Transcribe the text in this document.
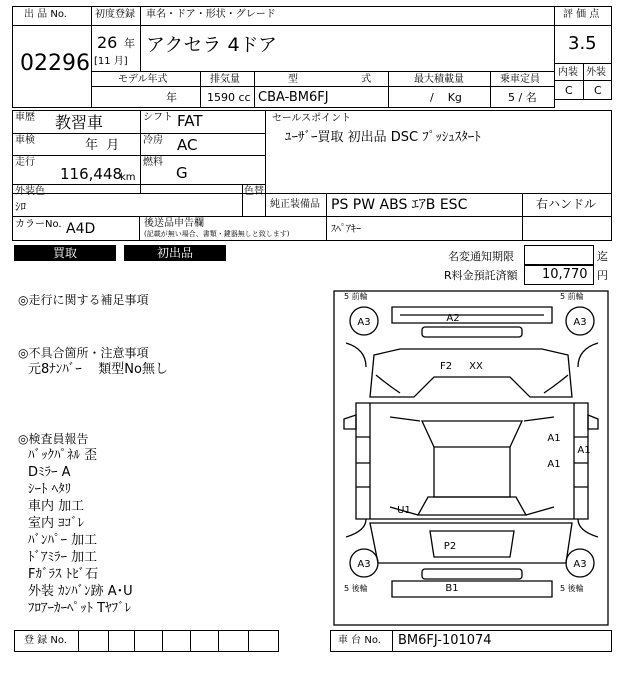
出 品 No.
02296
初度登録
26 年
[11 月]
車名・ドア・形状・グレード
アクセラ 4ドア
評 価 点
3.5
モデル年式
年
排気量
1590 cc
型 式
CBA-BM6FJ
最大積載量
/    Kg
乗車定員
5 / 名
内装 外装
C C
車歴 教習車	シフト FAT
車検	年  月 冷房 AC
走行
116,448
km
燃料
G
セールスポイント
ﾕｰｻﾞｰ買取 初出品 DSC ﾌﾟｯｼｭｽﾀｰﾄ
外装色
ｼﾛ
色替
純正装備品 PS PW ABS ｴｱB ESC	右ハンドル
カラーNo. A4D	後送品申告欄
(記載が無い場合、書類・鍵器無しと致します)	ｽﾍﾟｱｷｰ
買取	初出品	名変通知期限	迄
R料金預託済額 10,770 円
◎走行に関する補足事項
◎不具合箇所・注意事項
元8ﾅﾝﾊﾞｰ    類型No無し
◎検査員報告
ﾊﾞｯｸﾊﾟﾈﾙ 歪
Dﾐﾗｰ A
ｼｰﾄ ﾍﾀﾘ
車内 加工
室内 ﾖｺﾞﾚ
ﾊﾞﾝﾊﾟｰ 加工
ﾄﾞｱﾐﾗｰ 加工
Fｶﾞﾗｽ ﾄﾋﾞ石
外装 ｶﾝﾊﾞﾝ跡 A･U
ﾌﾛｱｰｶｰﾍﾟｯﾄ Tﾔﾌﾞﾚ
5 前輪	5 前輪
5 後輪	5 後輪
A3	A3
A3	A3
A2
F2 XX
A1
A1
A1
U1
P2
B1
登 録 No.	車 台 No. BM6FJ-101074
